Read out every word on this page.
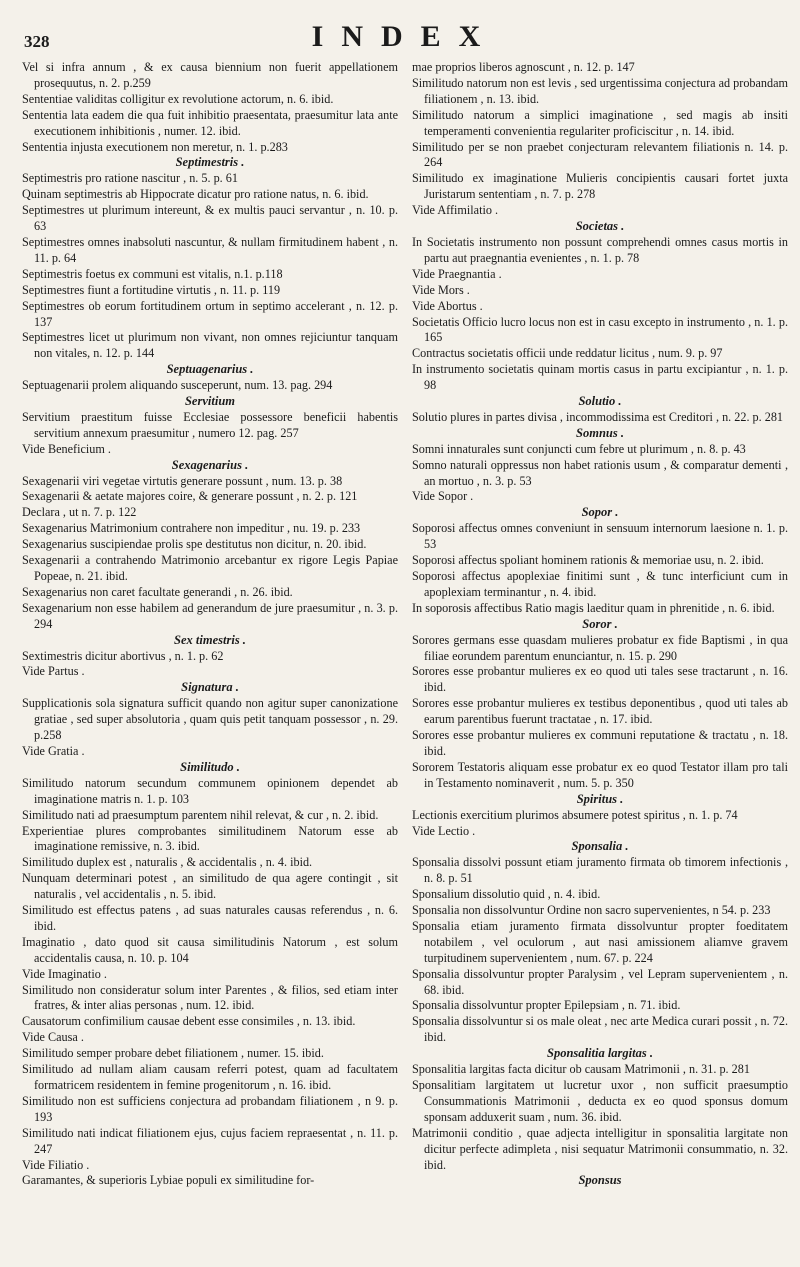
328	INDEX
Vel si infra annum , & ex causa biennium non fuerit appellationem prosequutus, n. 2. p.259
Sententiae validitas colligitur ex revolutione actorum, n. 6. ibid.
Sententia lata eadem die qua fuit inhibitio praesentata, praesumitur lata ante executionem inhibitionis , numer. 12. ibid.
Sententia injusta executionem non meretur, n. 1. p.283
Septimestris .
Septimestris pro ratione nascitur , n. 5. p. 61
Quinam septimestris ab Hippocrate dicatur pro ratione natus, n. 6. ibid.
Septimestres ut plurimum intereunt, & ex multis pauci servantur , n. 10. p. 63
Septimestres omnes inabsoluti nascuntur, & nullam firmitudinem habent , n. 11. p. 64
Septimestris foetus ex communi est vitalis, n.1. p.118
Septimestres fiunt a fortitudine virtutis , n. 11. p. 119
Septimestres ob eorum fortitudinem ortum in septimo accelerant , n. 12. p. 137
Septimestres licet ut plurimum non vivant, non omnes rejiciuntur tanquam non vitales, n. 12. p. 144
Septuagenarius .
Septuagenarii prolem aliquando susceperunt, num. 13. pag. 294
Servitium
Servitium praestitum fuisse Ecclesiae possessore beneficii habentis servitium annexum praesumitur , numero 12. pag. 257
Vide Beneficium .
Sexagenarius .
Sexagenarii viri vegetae virtutis generare possunt , num. 13. p. 38
Sexagenarii & aetate majores coire, & generare possunt , n. 2. p. 121
Declara , ut n. 7. p. 122
Sexagenarius Matrimonium contrahere non impeditur , nu. 19. p. 233
Sexagenarius suscipiendae prolis spe destitutus non dicitur, n. 20. ibid.
Sexagenarii a contrahendo Matrimonio arcebantur ex rigore Legis Papiae Popeae, n. 21. ibid.
Sexagenarius non caret facultate generandi , n. 26. ibid.
Sexagenarium non esse habilem ad generandum de jure praesumitur , n. 3. p. 294
Sex timestris .
Sextimestris dicitur abortivus , n. 1. p. 62
Vide Partus .
Signatura .
Supplicationis sola signatura sufficit quando non agitur super canonizatione gratiae , sed super absolutoria , quam quis petit tanquam possessor , n. 29. p.258
Vide Gratia .
Similitudo .
Similitudo natorum secundum communem opinionem dependet ab imaginatione matris n. 1. p. 103
Similitudo nati ad praesumptum parentem nihil relevat, & cur , n. 2. ibid.
Experientiae plures comprobantes similitudinem Natorum esse ab imaginatione remissive, n. 3. ibid.
Similitudo duplex est , naturalis , & accidentalis , n. 4. ibid.
Nunquam determinari potest , an similitudo de qua agere contingit , sit naturalis , vel accidentalis , n. 5. ibid.
Similitudo est effectus patens , ad suas naturales causas referendus , n. 6. ibid.
Imaginatio , dato quod sit causa similitudinis Natorum , est solum accidentalis causa, n. 10. p. 104
Vide Imaginatio .
Similitudo non consideratur solum inter Parentes , & filios, sed etiam inter fratres, & inter alias personas , num. 12. ibid.
Causatorum confimilium causae debent esse consimiles , n. 13. ibid.
Vide Causa .
Similitudo semper probare debet filiationem , numer. 15. ibid.
Similitudo ad nullam aliam causam referri potest, quam ad facultatem formatricem residentem in femine progenitorum , n. 16. ibid.
Similitudo non est sufficiens conjectura ad probandam filiationem , n 9. p. 193
Similitudo nati indicat filiationem ejus, cujus faciem repraesentat , n. 11. p. 247
Vide Filiatio .
Garamantes, & superioris Lybiae populi ex similitudine for-
mae proprios liberos agnoscunt , n. 12. p. 147
Similitudo natorum non est levis , sed urgentissima conjectura ad probandam filiationem , n. 13. ibid.
Similitudo natorum a simplici imaginatione , sed magis ab insiti temperamenti convenientia regulariter proficiscitur , n. 14. ibid.
Similitudo per se non praebet conjecturam relevantem filiationis n. 14. p. 264
Similitudo ex imaginatione Mulieris concipientis causari fortet juxta Juristarum sententiam , n. 7. p. 278
Vide Affimilatio .
Societas .
In Societatis instrumento non possunt comprehendi omnes casus mortis in partu aut praegnantia evenientes , n. 1. p. 78
Vide Praegnantia .
Vide Mors .
Vide Abortus .
Societatis Officio lucro locus non est in casu excepto in instrumento , n. 1. p. 165
Contractus societatis officii unde reddatur licitus , num. 9. p. 97
In instrumento societatis quinam mortis casus in partu excipiantur , n. 1. p. 98
Solutio .
Solutio plures in partes divisa , incommodissima est Creditori , n. 22. p. 281
Somnus .
Somni innaturales sunt conjuncti cum febre ut plurimum , n. 8. p. 43
Somno naturali oppressus non habet rationis usum , & comparatur dementi , an mortuo , n. 3. p. 53
Vide Sopor .
Sopor .
Soporosi affectus omnes conveniunt in sensuum internorum laesione n. 1. p. 53
Soporosi affectus spoliant hominem rationis & memoriae usu, n. 2. ibid.
Soporosi affectus apoplexiae finitimi sunt , & tunc interficiunt cum in apoplexiam terminantur , n. 4. ibid.
In soporosis affectibus Ratio magis laeditur quam in phrenitide , n. 6. ibid.
Soror .
Sorores germans esse quasdam mulieres probatur ex fide Baptismi , in qua filiae eorundem parentum enunciantur, n. 15. p. 290
Sorores esse probantur mulieres ex eo quod uti tales sese tractarunt , n. 16. ibid.
Sorores esse probantur mulieres ex testibus deponentibus , quod uti tales ab earum parentibus fuerunt tractatae , n. 17. ibid.
Sorores esse probantur mulieres ex communi reputatione & tractatu , n. 18. ibid.
Sororem Testatoris aliquam esse probatur ex eo quod Testator illam pro tali in Testamento nominaverit , num. 5. p. 350
Spiritus .
Lectionis exercitium plurimos absumere potest spiritus , n. 1. p. 74
Vide Lectio .
Sponsalia .
Sponsalia dissolvi possunt etiam juramento firmata ob timorem infectionis , n. 8. p. 51
Sponsalium dissolutio quid , n. 4. ibid.
Sponsalia non dissolvuntur Ordine non sacro supervenientes, n 54. p. 233
Sponsalia etiam juramento firmata dissolvuntur propter foeditatem notabilem , vel oculorum , aut nasi amissionem aliamve gravem turpitudinem supervenientem , num. 67. p. 224
Sponsalia dissolvuntur propter Paralysim , vel Lepram supervenientem , n. 68. ibid.
Sponsalia dissolvuntur propter Epilepsiam , n. 71. ibid.
Sponsalia dissolvuntur si os male oleat , nec arte Medica curari possit , n. 72. ibid.
Sponsalitia largitas .
Sponsalitia largitas facta dicitur ob causam Matrimonii , n. 31. p. 281
Sponsalitiam largitatem ut lucretur uxor , non sufficit praesumptio Consummationis Matrimonii , deducta ex eo quod sponsus domum sponsam adduxerit suam , num. 36. ibid.
Matrimonii conditio , quae adjecta intelligitur in sponsalitia largitate non dicitur perfecte adimpleta , nisi sequatur Matrimonii consummatio, n. 32. ibid.
Sponsus
